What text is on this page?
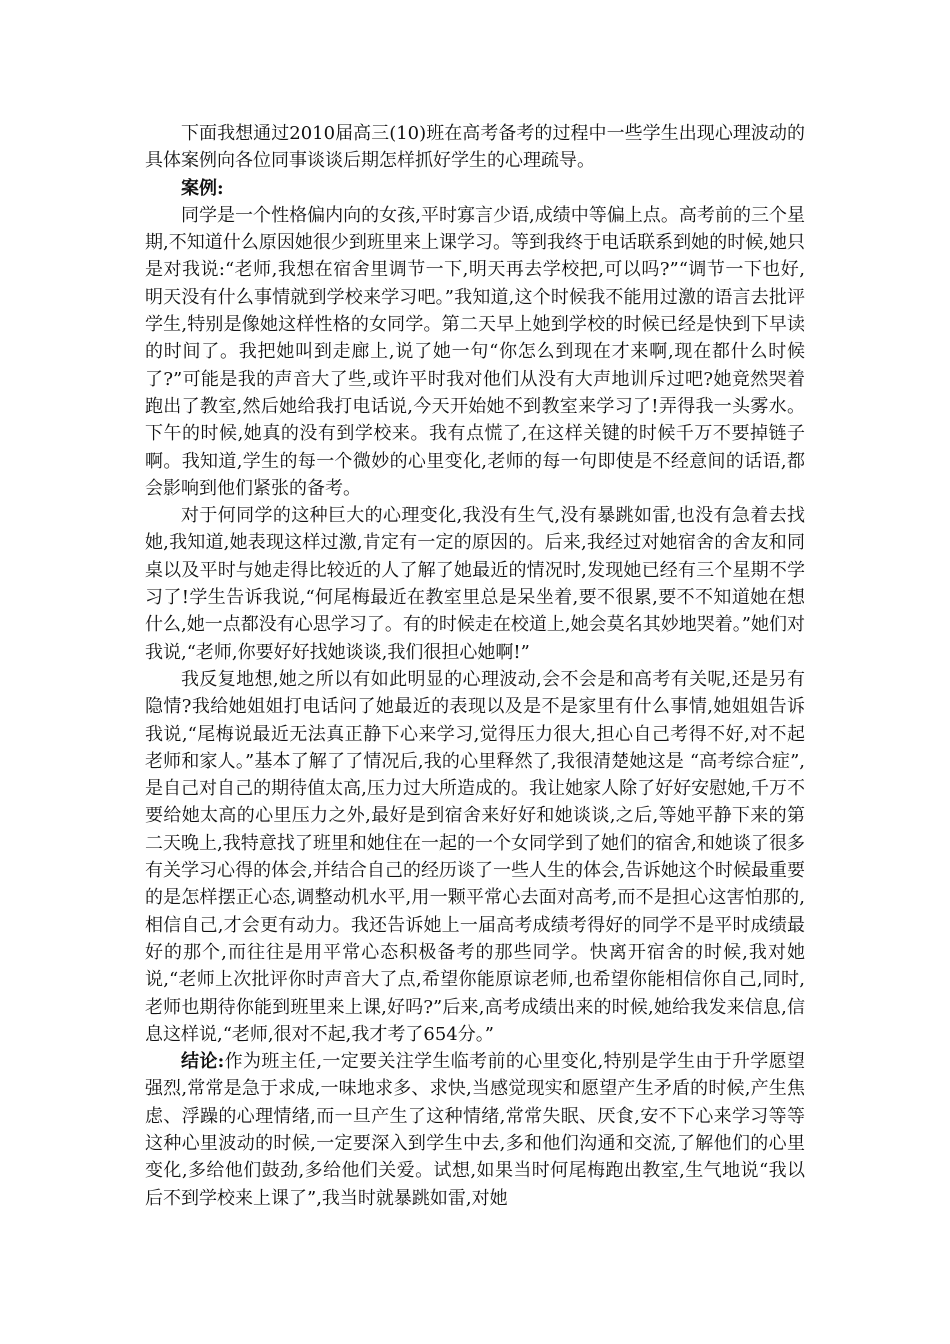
下面我想通过2010届高三(10)班在高考备考的过程中一些学生出现心理波动的具体案例向各位同事谈谈后期怎样抓好学生的心理疏导。

案例:

同学是一个性格偏内向的女孩,平时寡言少语,成绩中等偏上点。高考前的三个星期,不知道什么原因她很少到班里来上课学习。等到我终于电话联系到她的时候,她只是对我说:“老师,我想在宿舍里调节一下,明天再去学校把,可以吗?”“调节一下也好,明天没有什么事情就到学校来学习吧。”我知道,这个时候我不能用过激的语言去批评学生,特别是像她这样性格的女同学。第二天早上她到学校的时候已经是快到下早读的时间了。我把她叫到走廊上,说了她一句“你怎么到现在才来啊,现在都什么时候了?”可能是我的声音大了些,或许平时我对他们从没有大声地训斥过吧?她竟然哭着跑出了教室,然后她给我打电话说,今天开始她不到教室来学习了!弄得我一头雾水。下午的时候,她真的没有到学校来。我有点慌了,在这样关键的时候千万不要掉链子啊。我知道,学生的每一个微妙的心里变化,老师的每一句即使是不经意间的话语,都会影响到他们紧张的备考。

对于何同学的这种巨大的心理变化,我没有生气,没有暴跳如雷,也没有急着去找她,我知道,她表现这样过激,肯定有一定的原因的。后来,我经过对她宿舍的舍友和同桌以及平时与她走得比较近的人了解了她最近的情况时,发现她已经有三个星期不学习了!学生告诉我说,“何尾梅最近在教室里总是呆坐着,要不很累,要不不知道她在想什么,她一点都没有心思学习了。有的时候走在校道上,她会莫名其妙地哭着。”她们对我说,“老师,你要好好找她谈谈,我们很担心她啊!”

我反复地想,她之所以有如此明显的心理波动,会不会是和高考有关呢,还是另有隐情?我给她姐姐打电话问了她最近的表现以及是不是家里有什么事情,她姐姐告诉我说,“尾梅说最近无法真正静下心来学习,觉得压力很大,担心自己考得不好,对不起老师和家人。”基本了解了了情况后,我的心里释然了,我很清楚她这是 “高考综合症”,是自己对自己的期待值太高,压力过大所造成的。我让她家人除了好好安慰她,千万不要给她太高的心里压力之外,最好是到宿舍来好好和她谈谈,之后,等她平静下来的第二天晚上,我特意找了班里和她住在一起的一个女同学到了她们的宿舍,和她谈了很多有关学习心得的体会,并结合自己的经历谈了一些人生的体会,告诉她这个时候最重要的是怎样摆正心态,调整动机水平,用一颗平常心去面对高考,而不是担心这害怕那的,相信自己,才会更有动力。我还告诉她上一届高考成绩考得好的同学不是平时成绩最好的那个,而往往是用平常心态积极备考的那些同学。快离开宿舍的时候,我对她说,“老师上次批评你时声音大了点,希望你能原谅老师,也希望你能相信你自己,同时,老师也期待你能到班里来上课,好吗?”后来,高考成绩出来的时候,她给我发来信息,信息这样说,“老师,很对不起,我才考了654分。”

结论:作为班主任,一定要关注学生临考前的心里变化,特别是学生由于升学愿望强烈,常常是急于求成,一味地求多、求快,当感觉现实和愿望产生矛盾的时候,产生焦虑、浮躁的心理情绪,而一旦产生了这种情绪,常常失眠、厌食,安不下心来学习等等这种心里波动的时候,一定要深入到学生中去,多和他们沟通和交流,了解他们的心里变化,多给他们鼓劲,多给他们关爱。试想,如果当时何尾梅跑出教室,生气地说“我以后不到学校来上课了”,我当时就暴跳如雷,对她
